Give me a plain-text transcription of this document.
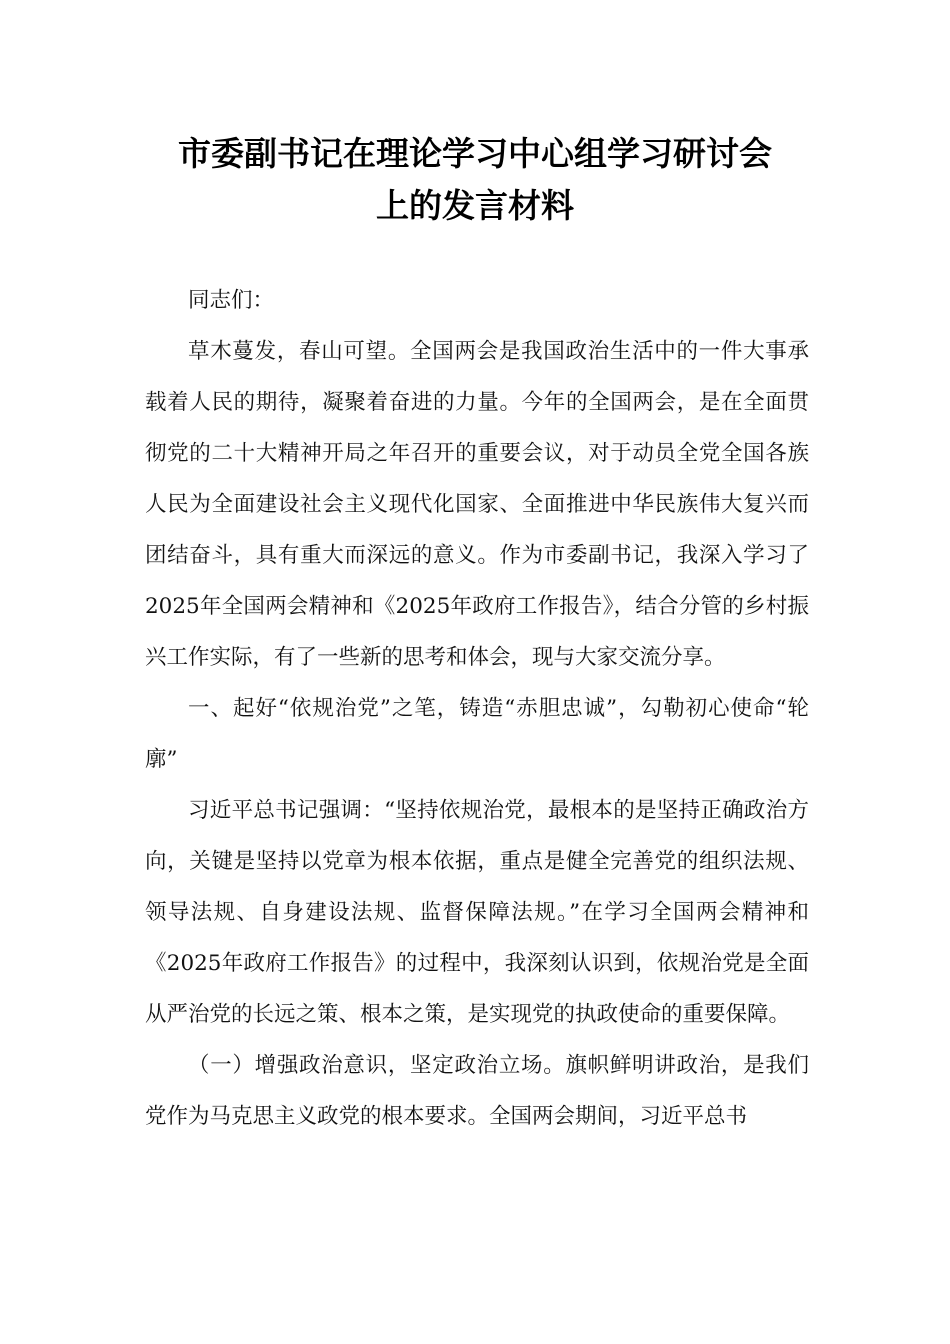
市委副书记在理论学习中心组学习研讨会
上的发言材料

同志们：

草木蔓发，春山可望。全国两会是我国政治生活中的一件大事承载着人民的期待，凝聚着奋进的力量。今年的全国两会，是在全面贯彻党的二十大精神开局之年召开的重要会议，对于动员全党全国各族人民为全面建设社会主义现代化国家、全面推进中华民族伟大复兴而团结奋斗，具有重大而深远的意义。作为市委副书记，我深入学习了2025年全国两会精神和《2025年政府工作报告》，结合分管的乡村振兴工作实际，有了一些新的思考和体会，现与大家交流分享。

一、起好“依规治党”之笔，铸造“赤胆忠诚”，勾勒初心使命“轮廓”

习近平总书记强调：“坚持依规治党，最根本的是坚持正确政治方向，关键是坚持以党章为根本依据，重点是健全完善党的组织法规、领导法规、自身建设法规、监督保障法规。”在学习全国两会精神和《2025年政府工作报告》的过程中，我深刻认识到，依规治党是全面从严治党的长远之策、根本之策，是实现党的执政使命的重要保障。

（一）增强政治意识，坚定政治立场。旗帜鲜明讲政治，是我们党作为马克思主义政党的根本要求。全国两会期间，习近平总书
